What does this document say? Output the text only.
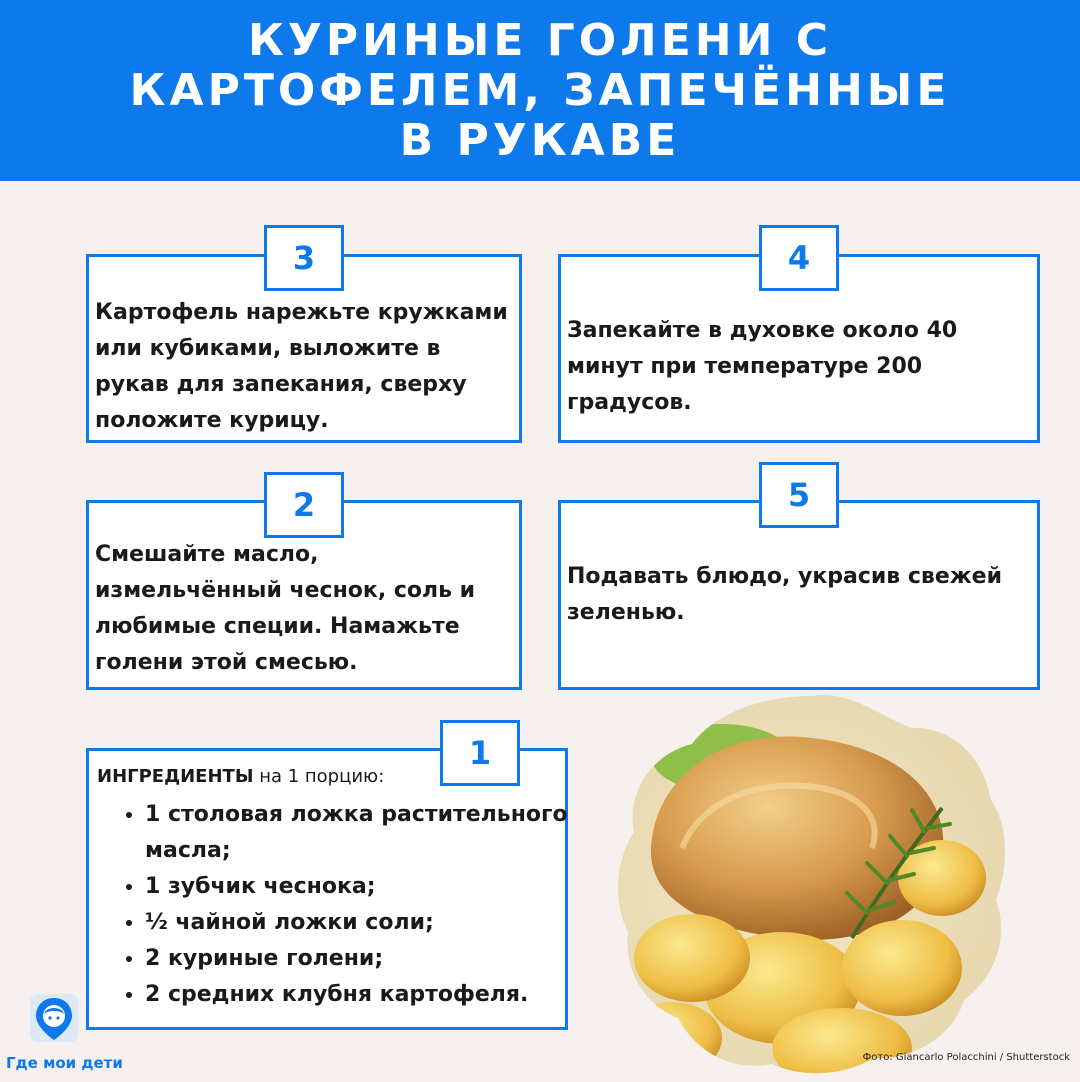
КУРИНЫЕ ГОЛЕНИ С КАРТОФЕЛЕМ, ЗАПЕЧЁННЫЕ В РУКАВЕ
Картофель нарежьте кружками или кубиками, выложите в рукав для запекания, сверху положите курицу.
3
Запекайте в духовке около 40 минут при температуре 200 градусов.
4
Смешайте масло, измельчённый чеснок, соль и любимые специи. Намажьте голени этой смесью.
2
Подавать блюдо, украсив свежей зеленью.
5
ИНГРЕДИЕНТЫ на 1 порцию:
• 1 столовая ложка растительного масла;
• 1 зубчик чеснока;
• ½ чайной ложки соли;
• 2 куриные голени;
• 2 средних клубня картофеля.
1
Где мои дети	Фото: Giancarlo Polacchini / Shutterstock
